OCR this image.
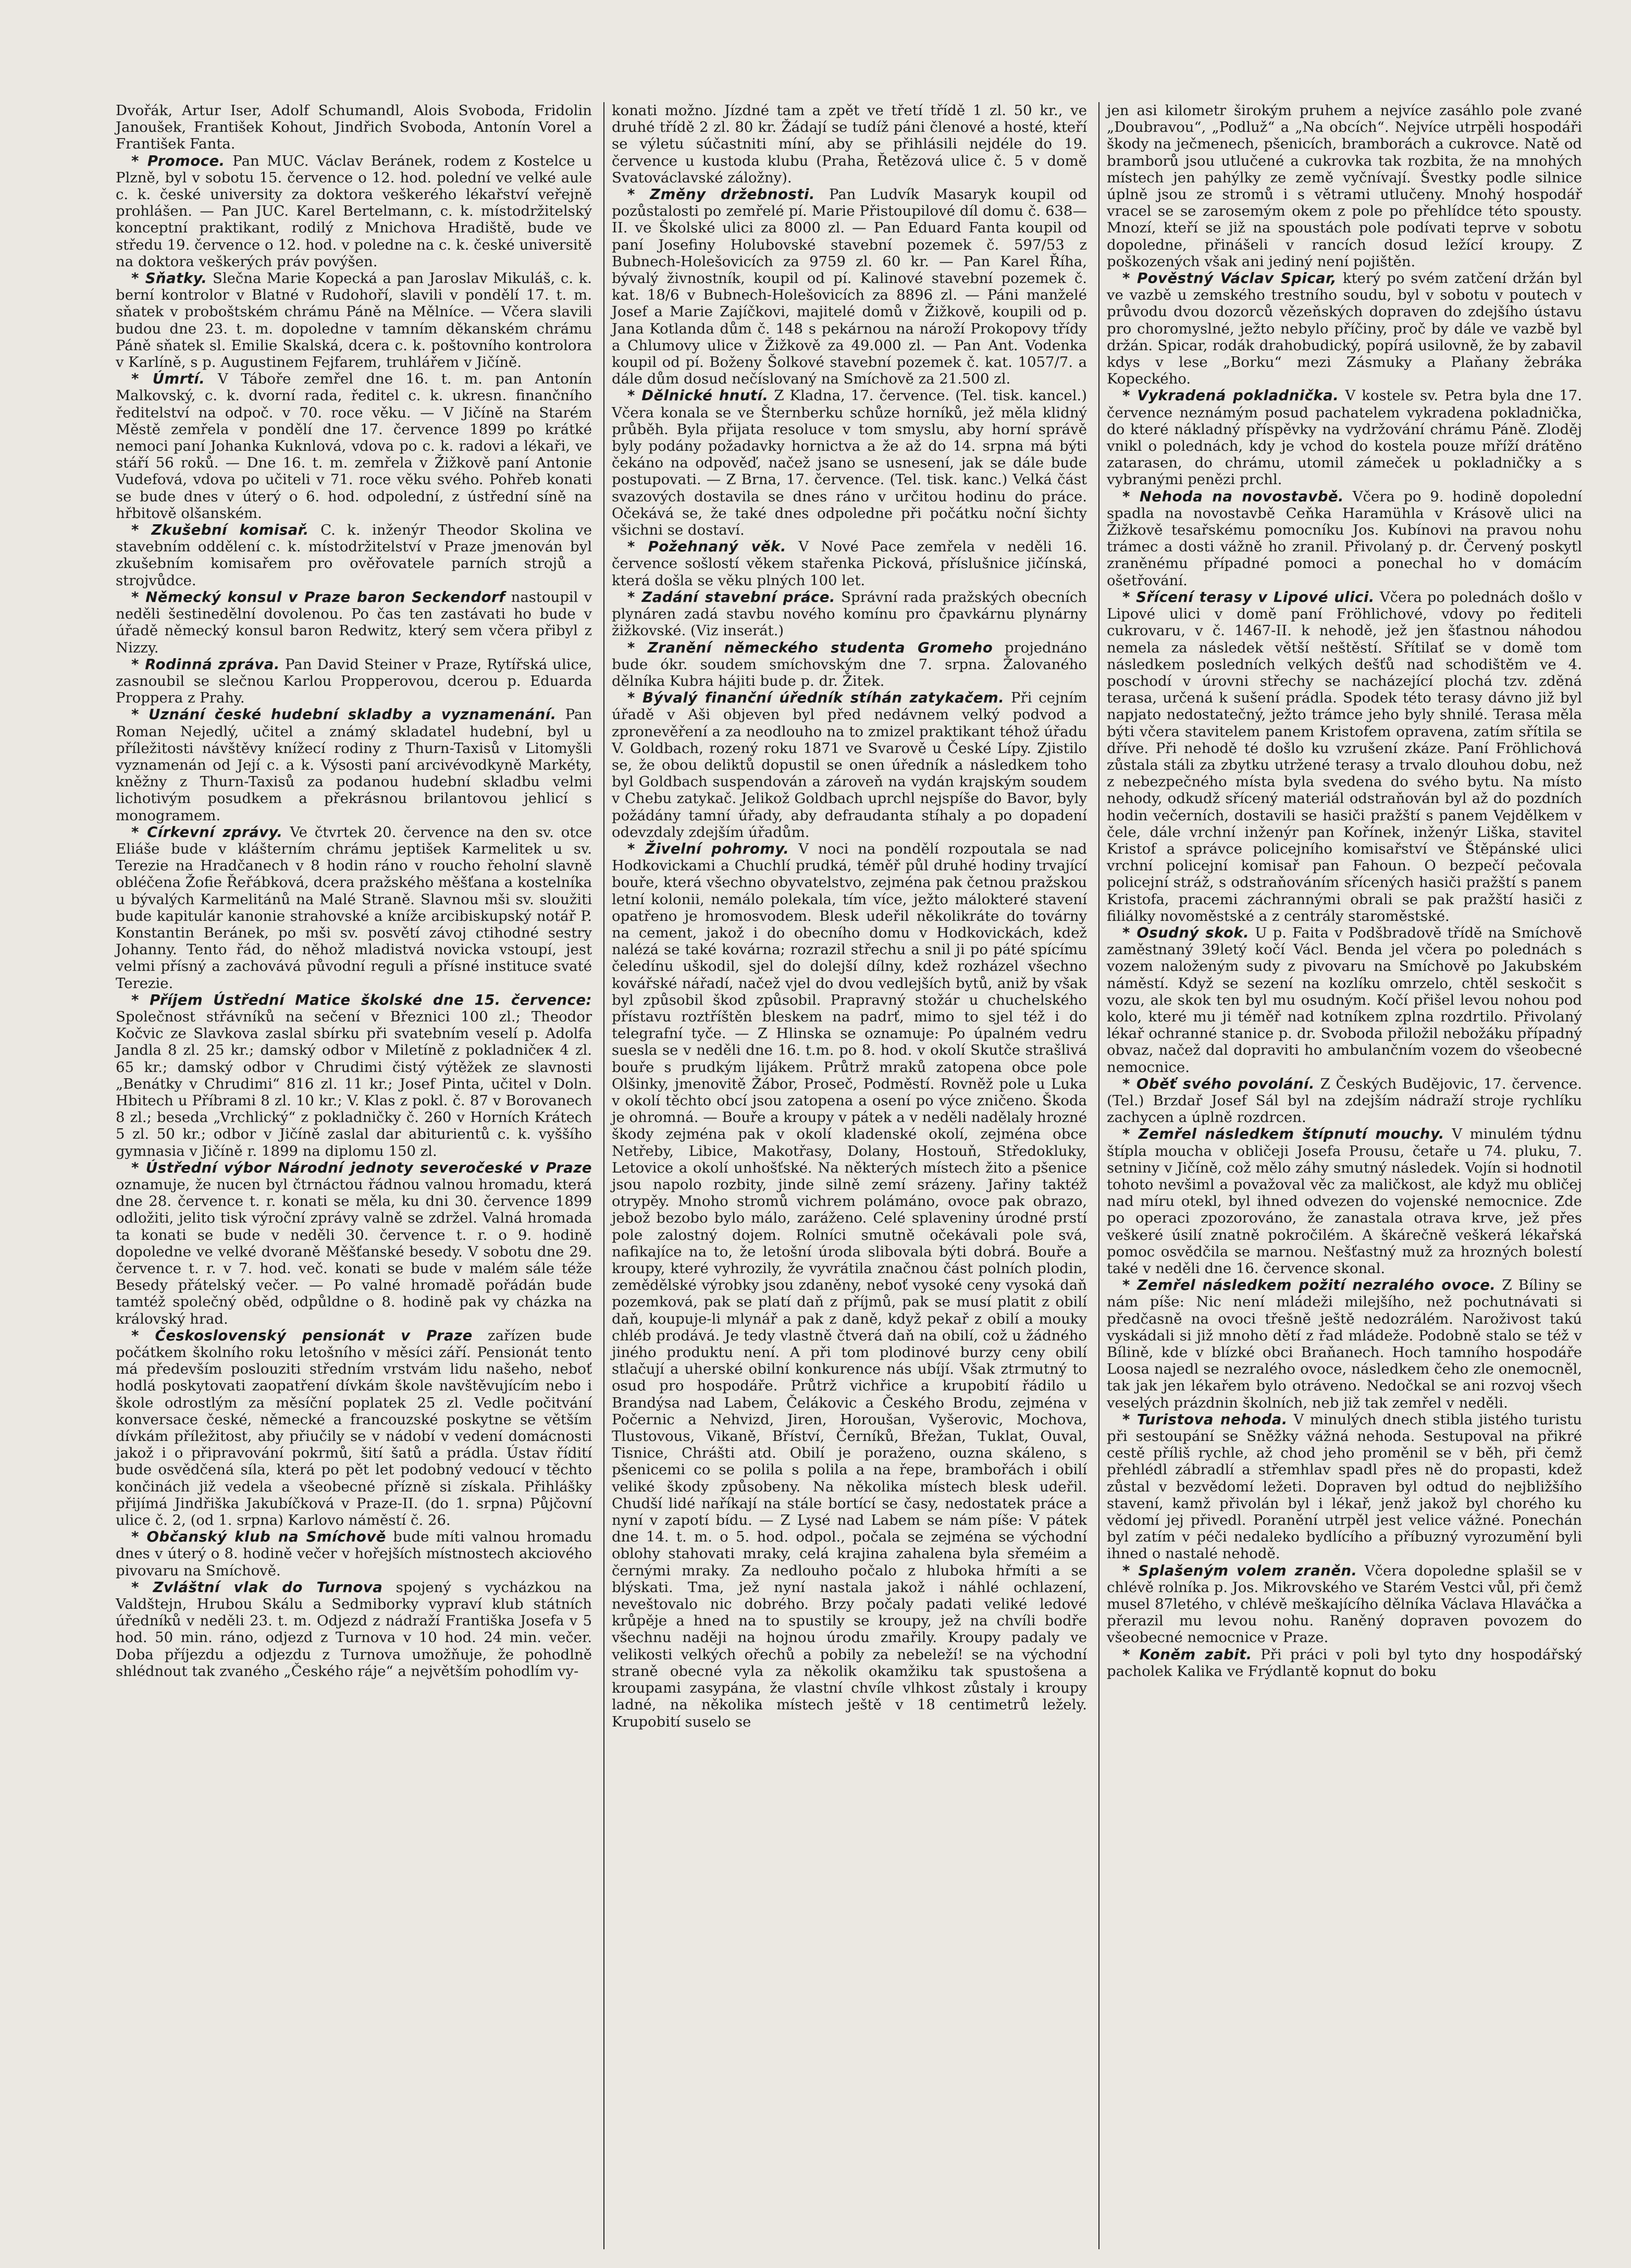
Dvořák, Artur Iser, Adolf Schumandl, Alois Svoboda, Fridolin Janoušek, František Kohout, Jindřich Svoboda, Antonín Vorel a František Fanta.

* Promoce. Pan MUC. Václav Beránek, rodem z Kostelce u Plzně, byl v sobotu 15. července o 12. hod. polední ve velké aule c. k. české university za doktora veškerého lékařství veřejně prohlášen. — Pan JUC. Karel Bertelmann, c. k. místodržitelský konceptní praktikant, rodilý z Mnichova Hradiště, bude ve středu 19. července o 12. hod. v poledne na c. k. české universitě na doktora veškerých práv povýšen.

* Sňatky. Slečna Marie Kopecká a pan Jaroslav Mikuláš, c. k. berní kontrolor v Blatné v Rudohoří, slavili v pondělí 17. t. m. sňatek v proboštském chrámu Páně na Mělníce. — Včera slavili budou dne 23. t. m. dopoledne v tamním děkanském chrámu Páně sňatek sl. Emilie Skalská, dcera c. k. poštovního kontrolora v Karlíně, s p. Augustinem Fejfarem, truhlářem v Jičíně.

* Úmrtí. V Táboře zemřel dne 16. t. m. pan Antonín Malkovský, c. k. dvorní rada, ředitel c. k. ukresn. finančního ředitelství na odpoč. v 70. roce věku. — V Jičíně na Starém Městě zemřela v pondělí dne 17. července 1899 po krátké nemoci paní Johanka Kuknlová, vdova po c. k. radovi a lékaři, ve stáří 56 roků. — Dne 16. t. m. zemřela v Žižkově paní Antonie Vudefová, vdova po učiteli v 71. roce věku svého. Pohřeb konati se bude dnes v úterý o 6. hod. odpolední, z ústřední síně na hřbitově olšanském.

* Zkušební komisař. C. k. inženýr Theodor Skolina ve stavebním oddělení c. k. místodržitelství v Praze jmenován byl zkušebním komisařem pro ověřovatele parních strojů a strojvůdce.

* Německý konsul v Praze baron Seckendorf nastoupil v neděli šestinedělní dovolenou. Po čas ten zastávati ho bude v úřadě německý konsul baron Redwitz, který sem včera přibyl z Nizzy.

* Rodinná zpráva. Pan David Steiner v Praze, Rytířská ulice, zasnoubil se slečnou Karlou Propperovou, dcerou p. Eduarda Proppera z Prahy.

* Uznání české hudební skladby a vyznamenání. Pan Roman Nejedlý, učitel a známý skladatel hudební, byl u příležitosti návštěvy knížecí rodiny z Thurn-Taxisů v Litomyšli vyznamenán od Její c. a k. Výsosti paní arcivévodkyně Markéty, kněžny z Thurn-Taxisů za podanou hudební skladbu velmi lichotivým posudkem a překrásnou brilantovou jehlicí s monogramem.

* Církevní zprávy. Ve čtvrtek 20. července na den sv. otce Eliáše bude v klášterním chrámu jeptišek Karmelitek u sv. Terezie na Hradčanech v 8 hodin ráno v roucho řeholní slavně obléčena Žofie Řeřábková, dcera pražského měšťana a kostelníka u bývalých Karmelitánů na Malé Straně. Slavnou mši sv. sloužiti bude kapitulár kanonie strahovské a kníže arcibiskupský notář P. Konstantin Beránek, po mši sv. posvětí závoj ctihodné sestry Johanny. Tento řád, do něhož mladistvá novicka vstoupí, jest velmi přísný a zachovává původní reguli a přísné instituce svaté Terezie.

* Příjem Ústřední Matice školské dne 15. července: Společnost střávníků na sečení v Březnici 100 zl.; Theodor Kočvic ze Slavkova zaslal sbírku při svatebním veselí p. Adolfa Jandla 8 zl. 25 kr.; damský odbor v Miletíně z pokladničeк 4 zl. 65 kr.; damský odbor v Chrudimi čistý výtěžek ze slavnosti „Benátky v Chrudimi“ 816 zl. 11 kr.; Josef Pinta, učitel v Doln. Hbitech u Příbrami 8 zl. 10 kr.; V. Klas z pokl. č. 87 v Borovanech 8 zl.; beseda „Vrchlický“ z pokladničky č. 260 v Horních Krátech 5 zl. 50 kr.; odbor v Jičíně zaslal dar abiturientů c. k. vyššího gymnasia v Jičíně r. 1899 na diplomu 150 zl.

* Ústřední výbor Národní jednoty severočeské v Praze oznamuje, že nucen byl čtrnáctou řádnou valnou hromadu, která dne 28. července t. r. konati se měla, ku dni 30. července 1899 odložiti, jelito tisk výroční zprávy valně se zdržel. Valná hromada ta konati se bude v neděli 30. července t. r. o 9. hodině dopoledne ve velké dvoraně Měšťanské besedy. V sobotu dne 29. července t. r. v 7. hod. več. konati se bude v malém sále téže Besedy přátelský večer. — Po valné hromadě pořádán bude tamtéž společný oběd, odpůldne o 8. hodině pak vy cházka na královský hrad.

* Československý pensionát v Praze zařízen bude počátkem školního roku letošního v měsíci září. Pensionát tento má především poslouziti středním vrstvám lidu našeho, neboť hodlá poskytovati zaopatření dívkám škole navštěvujícím nebo i škole odrostlým za měsíční poplatek 25 zl. Vedle počitvání konversace české, německé a francouzské poskytne se větším dívkám příležitost, aby přiučily se v nádobí v vedení domácnosti jakož i o připravování pokrmů, šití šatů a prádla. Ústav řídití bude osvědčená síla, která po pět let podobný vedoucí v těchto končinách již vedela a všeobecné přízně si získala. Přihlášky přijímá Jindřiška Jakubíčková v Praze-II. (do 1. srpna) Půjčovní ulice č. 2, (od 1. srpna) Karlovo náměstí č. 26.

* Občanský klub na Smíchově bude míti valnou hromadu dnes v úterý o 8. hodině večer v hořejších místnostech akciového pivovaru na Smíchově.

* Zvláštní vlak do Turnova spojený s vycházkou na Valdštejn, Hrubou Skálu a Sedmiborky vypraví klub státních úředníků v neděli 23. t. m. Odjezd z nádraží Františka Josefa v 5 hod. 50 min. ráno, odjezd z Turnova v 10 hod. 24 min. večer. Doba příjezdu a odjezdu z Turnova umožňuje, že pohodlně shlédnout tak zvaného „Českého ráje“ a největším pohodlím vy-

konati možno. Jízdné tam a zpět ve třetí třídě 1 zl. 50 kr., ve druhé třídě 2 zl. 80 kr. Žádají se tudíž páni členové a hosté, kteří se výletu súčastniti míní, aby se přihlásili nejdéle do 19. července u kustoda klubu (Praha, Řetězová ulice č. 5 v domě Svatováclavské záložny).

* Změny držebnosti. Pan Ludvík Masaryk koupil od pozůstalosti po zemřelé pí. Marie Přistoupilové díl domu č. 638—II. ve Školské ulici za 8000 zl. — Pan Eduard Fanta koupil od paní Josefiny Holubovské stavební pozemek č. 597/53 z Bubnech-Holešovicích za 9759 zl. 60 kr. — Pan Karel Říha, bývalý živnostník, koupil od pí. Kalinové stavební pozemek č. kat. 18/6 v Bubnech-Holešovicích za 8896 zl. — Páni manželé Josef a Marie Zajíčkovi, majitelé domů v Žižkově, koupili od p. Jana Kotlanda dům č. 148 s pekárnou na nároží Prokopovy třídy a Chlumovy ulice v Žižkově za 49.000 zl. — Pan Ant. Vodenka koupil od pí. Boženy Šolkové stavební pozemek č. kat. 1057/7. a dále dům dosud nečíslovaný na Smíchově za 21.500 zl.

* Dělnické hnutí. Z Kladna, 17. července. (Tel. tisk. kancel.) Včera konala se ve Šternberku schůze horníků, jež měla klidný průběh. Byla přijata resoluce v tom smyslu, aby horní správě byly podány požadavky hornictva a že až do 14. srpna má býti čekáno na odpověď, načež jsano se usnesení, jak se dále bude postupovati. — Z Brna, 17. července. (Tel. tisk. kanc.) Velká část svazových dostavila se dnes ráno v určitou hodinu do práce. Očekává se, že také dnes odpoledne při počátku noční šichty všichni se dostaví.

* Požehnaný věk. V Nové Pace zemřela v neděli 16. července sošlostí věkem stařenka Picková, příslušnice jičínská, která došla se věku plných 100 let.

* Zadání stavební práce. Správní rada pražských obecních plynáren zadá stavbu nového komínu pro čpavkárnu plynárny žižkovské. (Viz inserát.)

* Zranění německého studenta Gromeho projednáno bude ókr. soudem smíchovským dne 7. srpna. Žalovaného dělníka Kubra hájiti bude p. dr. Žitek.

* Bývalý finanční úředník stíhán zatykačem. Při cejním úřadě v Aši objeven byl před nedávnem velký podvod a zpronevěření a za neodlouho na to zmizel praktikant téhož úřadu V. Goldbach, rozený roku 1871 ve Svarově u České Lípy. Zjistilo se, že obou deliktů dopustil se onen úředník a následkem toho byl Goldbach suspendován a zároveň na vydán krajským soudem v Chebu zatykač. Jelikož Goldbach uprchl nejspíše do Bavor, byly požádány tamní úřady, aby defraudanta stíhaly a po dopadení odevzdaly zdejším úřadům.

* Živelní pohromy. V noci na pondělí rozpoutala se nad Hodkovickami a Chuchlí prudká, téměř půl druhé hodiny trvající bouře, která všechno obyvatelstvo, zejména pak četnou pražskou letní kolonii, nemálo polekala, tím více, ježto málokteré stavení opatřeno je hromosvodem. Blesk udeřil několikráte do továrny na cement, jakož i do obecního domu v Hodkovickách, kdež nalézá se také kovárna; rozrazil střechu a snil ji po páté spícímu čeledínu uškodil, sjel do dolejší dílny, kdež rozházel všechno kovářské nářadí, načež vjel do dvou vedlejších bytů, aniž by však byl způsobil škod způsobil. Prapravný stožár u chuchelského přístavu roztříštěn bleskem na padrť, mimo to sjel též i do telegrafní tyče. — Z Hlinska se oznamuje: Po úpalném vedru suesla se v neděli dne 16. t.m. po 8. hod. v okolí Skutče strašlivá bouře s prudkým lijákem. Průtrž mraků zatopena obce pole Olšinky, jmenovitě Žábor, Proseč, Podměstí. Rovněž pole u Luka v okolí těchto obcí jsou zatopena a osení po výce zničeno. Škoda je ohromná. — Bouře a kroupy v pátek a v neděli nadělaly hrozné škody zejména pak v okolí kladenské okolí, zejména obce Netřeby, Libice, Makotřasy, Dolany, Hostouň, Středokluky, Letovice a okolí unhošťské. Na některých místech žito a pšenice jsou napolo rozbity, jinde silně zemí srázeny. Jařiny taktéž otrypěy. Mnoho stromů vichrem polámáno, ovoce pak obrazo, jebož bezobo bylo málo, zaráženo. Celé splaveniny úrodné prstí pole zalostný dojem. Rolníci smutně očekávali pole svá, nafikajíce na to, že letošní úroda slibovala býti dobrá. Bouře a kroupy, které vyhrozily, že vyvrátila značnou část polních plodin, zemědělské výrobky jsou zdaněny, neboť vysoké ceny vysoká daň pozemková, pak se platí daň z příjmů, pak se musí platit z obilí daň, koupuje-li mlynář a pak z daně, když pekař z obilí a mouky chléb prodává. Je tedy vlastně čtverá daň na obilí, což u žádného jiného produktu není. A při tom plodinové burzy ceny obilí stlačují a uherské obilní konkurence nás ubíjí. Však ztrmutný to osud pro hospodáře. Průtrž vichřice a krupobití řádilo u Brandýsa nad Labem, Čelákovic a Českého Brodu, zejména v Počernic a Nehvizd, Jiren, Horoušan, Vyšerovic, Mochova, Tlustovous, Vikaně, Bříství, Černíků, Břežan, Tuklat, Ouval, Tisnice, Chrášti atd. Obilí je poraženo, ouzna skáleno, s pšenicemi co se polila s polila a na řepe, brambořách i obilí veliké škody způsobeny. Na několika místech blesk udeřil. Chudší lidé naříkají na stále bortící se časy, nedostatek práce a nyní v zapotí bídu. — Z Lysé nad Labem se nám píše: V pátek dne 14. t. m. o 5. hod. odpol., počala se zejména se východní oblohy stahovati mraky, celá krajina zahalena byla sřeméim a černými mraky. Za nedlouho počalo z hluboka hřmíti a se blýskati. Tma, jež nyní nastala jakož i náhlé ochlazení, neveštovalo nic dobrého. Brzy počaly padati veliké ledové krůpěje a hned na to spustily se kroupy, jež na chvíli bodře všechnu naději na hojnou úrodu zmařily. Kroupy padaly ve velikosti velkých ořechů a pobily za nebeleží! se na východní straně obecné vyla za několik okamžiku tak spustošena a kroupami zasypána, že vlastní chvíle vlhkost zůstaly i kroupy ladné, na několika místech ještě v 18 centimetrů ležely. Krupobití suselo se

jen asi kilometr širokým pruhem a nejvíce zasáhlo pole zvané „Doubravou“, „Podluž“ a „Na obcích“. Nejvíce utrpěli hospodáři škody na ječmenech, pšenicích, bramborách a cukrovce. Natě od bramborů jsou utlučené a cukrovka tak rozbita, že na mnohých místech jen pahýlky ze země vyčnívají. Švestky podle silnice úplně jsou ze stromů i s větrami utlučeny. Mnohý hospodář vracel se se zarosemým okem z pole po přehlídce této spousty. Mnozí, kteří se již na spoustách pole podívati teprve v sobotu dopoledne, přinášeli v rancích dosud ležící kroupy. Z poškozených však ani jediný není pojištěn.

* Pověstný Václav Spicar, který po svém zatčení držán byl ve vazbě u zemského trestního soudu, byl v sobotu v poutech v průvodu dvou dozorců vězeňských dopraven do zdejšího ústavu pro choromyslné, ježto nebylo příčiny, proč by dále ve vazbě byl držán. Spicar, rodák drahobudický, popírá usilovně, že by zabavil kdys v lese „Borku“ mezi Zásmuky a Plaňany žebráka Kopeckého.

* Vykradená pokladnička. V kostele sv. Petra byla dne 17. července neznámým posud pachatelem vykradena pokladnička, do které nákladný příspěvky na vydržování chrámu Páně. Zloděj vnikl o polednách, kdy je vchod do kostela pouze mříží drátěno zatarasen, do chrámu, utomil zámeček u pokladničky a s vybranými penězi prchl.

* Nehoda na novostavbě. Včera po 9. hodině dopolední spadla na novostavbě Ceňka Haramühla v Krásově ulici na Žižkově tesařskému pomocníku Jos. Kubínovi na pravou nohu trámec a dosti vážně ho zranil. Přivolaný p. dr. Červený poskytl zraněnému případné pomoci a ponechal ho v domácím ošetřování.

* Sřícení terasy v Lipové ulici. Včera po polednách došlo v Lipové ulici v domě paní Fröhlichové, vdovy po řediteli cukrovaru, v č. 1467-II. k nehodě, jež jen šťastnou náhodou nemela za následek větší neštěstí. Sřítilať se v domě tom následkem posledních velkých dešťů nad schodištěm ve 4. poschodí v úrovni střechy se nacházející plochá tzv. zděná terasa, určená k sušení prádla. Spodek této terasy dávno již byl napjato nedostatečný, ježto trámce jeho byly shnilé. Terasa měla býti včera stavitelem panem Kristofem opravena, zatím sřítila se dříve. Při nehodě té došlo ku vzrušení zkáze. Paní Fröhlichová zůstala stáli za zbytku utržené terasy a trvalo dlouhou dobu, než z nebezpečného místa byla svedena do svého bytu. Na místo nehody, odkudž sřícený materiál odstraňován byl až do pozdních hodin večerních, dostavili se hasiči pražští s panem Vejdělkem v čele, dále vrchní inženýr pan Kořínek, inženýr Liška, stavitel Kristof a správce policejního komisařství ve Štěpánské ulici vrchní policejní komisař pan Fahoun. O bezpečí pečovala policejní stráž, s odstraňováním sřícených hasiči pražští s panem Kristofa, pracemi záchrannými obrali se pak pražští hasiči z filiálky novoměstské a z centrály staroměstské.

* Osudný skok. U p. Faita v Podšbradově třídě na Smíchově zaměstnaný 39letý kočí Václ. Benda jel včera po polednách s vozem naloženým sudy z pivovaru na Smíchově po Jakubském náměstí. Když se sezení na kozlíku omrzelo, chtěl seskočit s vozu, ale skok ten byl mu osudným. Kočí přišel levou nohou pod kolo, které mu ji téměř nad kotníkem zplna rozdrtilo. Přivolaný lékař ochranné stanice p. dr. Svoboda přiložil nebožáku případný obvaz, načež dal dopraviti ho ambulančním vozem do všeobecné nemocnice.

* Oběť svého povolání. Z Českých Budějovic, 17. července. (Tel.) Brzdař Josef Sál byl na zdejším nádraží stroje rychlíku zachycen a úplně rozdrcen.

* Zemřel následkem štípnutí mouchy. V minulém týdnu štípla moucha v obličeji Josefa Prousu, četaře u 74. pluku, 7. setniny v Jičíně, což mělo záhy smutný následek. Vojín si hodnotil tohoto nevšiml a považoval věc za maličkost, ale když mu obličej nad míru otekl, byl ihned odvezen do vojenské nemocnice. Zde po operaci zpozorováno, že zanastala otrava krve, jež přes veškeré úsilí znatně pokročilém. A škárečně veškerá lékařská pomoc osvědčila se marnou. Nešťastný muž za hrozných bolestí také v neděli dne 16. července skonal.

* Zemřel následkem požití nezralého ovoce. Z Bíliny se nám píše: Nic není mládeži milejšího, než pochutnávati si předčasně na ovoci třešně ještě nedozrálém. Naroživost takú vyskádali si již mnoho dětí z řad mládeže. Podobně stalo se též v Bílině, kde v blízké obci Braňanech. Hoch tamního hospodáře Loosa najedl se nezralého ovoce, následkem čeho zle onemocněl, tak jak jen lékařem bylo otráveno. Nedočkal se ani rozvoj všech veselých prázdnin školních, neb již tak zemřel v neděli.

* Turistova nehoda. V minulých dnech stibla jistého turistu při sestoupání se Sněžky vážná nehoda. Sestupoval na přikré cestě příliš rychle, až chod jeho proměnil se v běh, při čemž přehlédl zábradlí a střemhlav spadl přes ně do propasti, kdež zůstal v bezvědomí ležeti. Dopraven byl odtud do nejbližšího stavení, kamž přivolán byl i lékař, jenž jakož byl chorého ku vědomí jej přivedl. Poranění utrpěl jest velice vážné. Ponechán byl zatím v péči nedaleko bydlícího a příbuzný vyrozumění byli ihned o nastalé nehodě.

* Splašeným volem zraněn. Včera dopoledne splašil se v chlévě rolníka p. Jos. Mikrovského ve Starém Vestci vůl, při čemž musel 87letého, v chlévě meškajícího dělníka Václava Hlaváčka a přerazil mu levou nohu. Raněný dopraven povozem do všeobecné nemocnice v Praze.

* Koněm zabit. Při práci v poli byl tyto dny hospodářský pacholek Kalika ve Frýdlantě kopnut do boku
